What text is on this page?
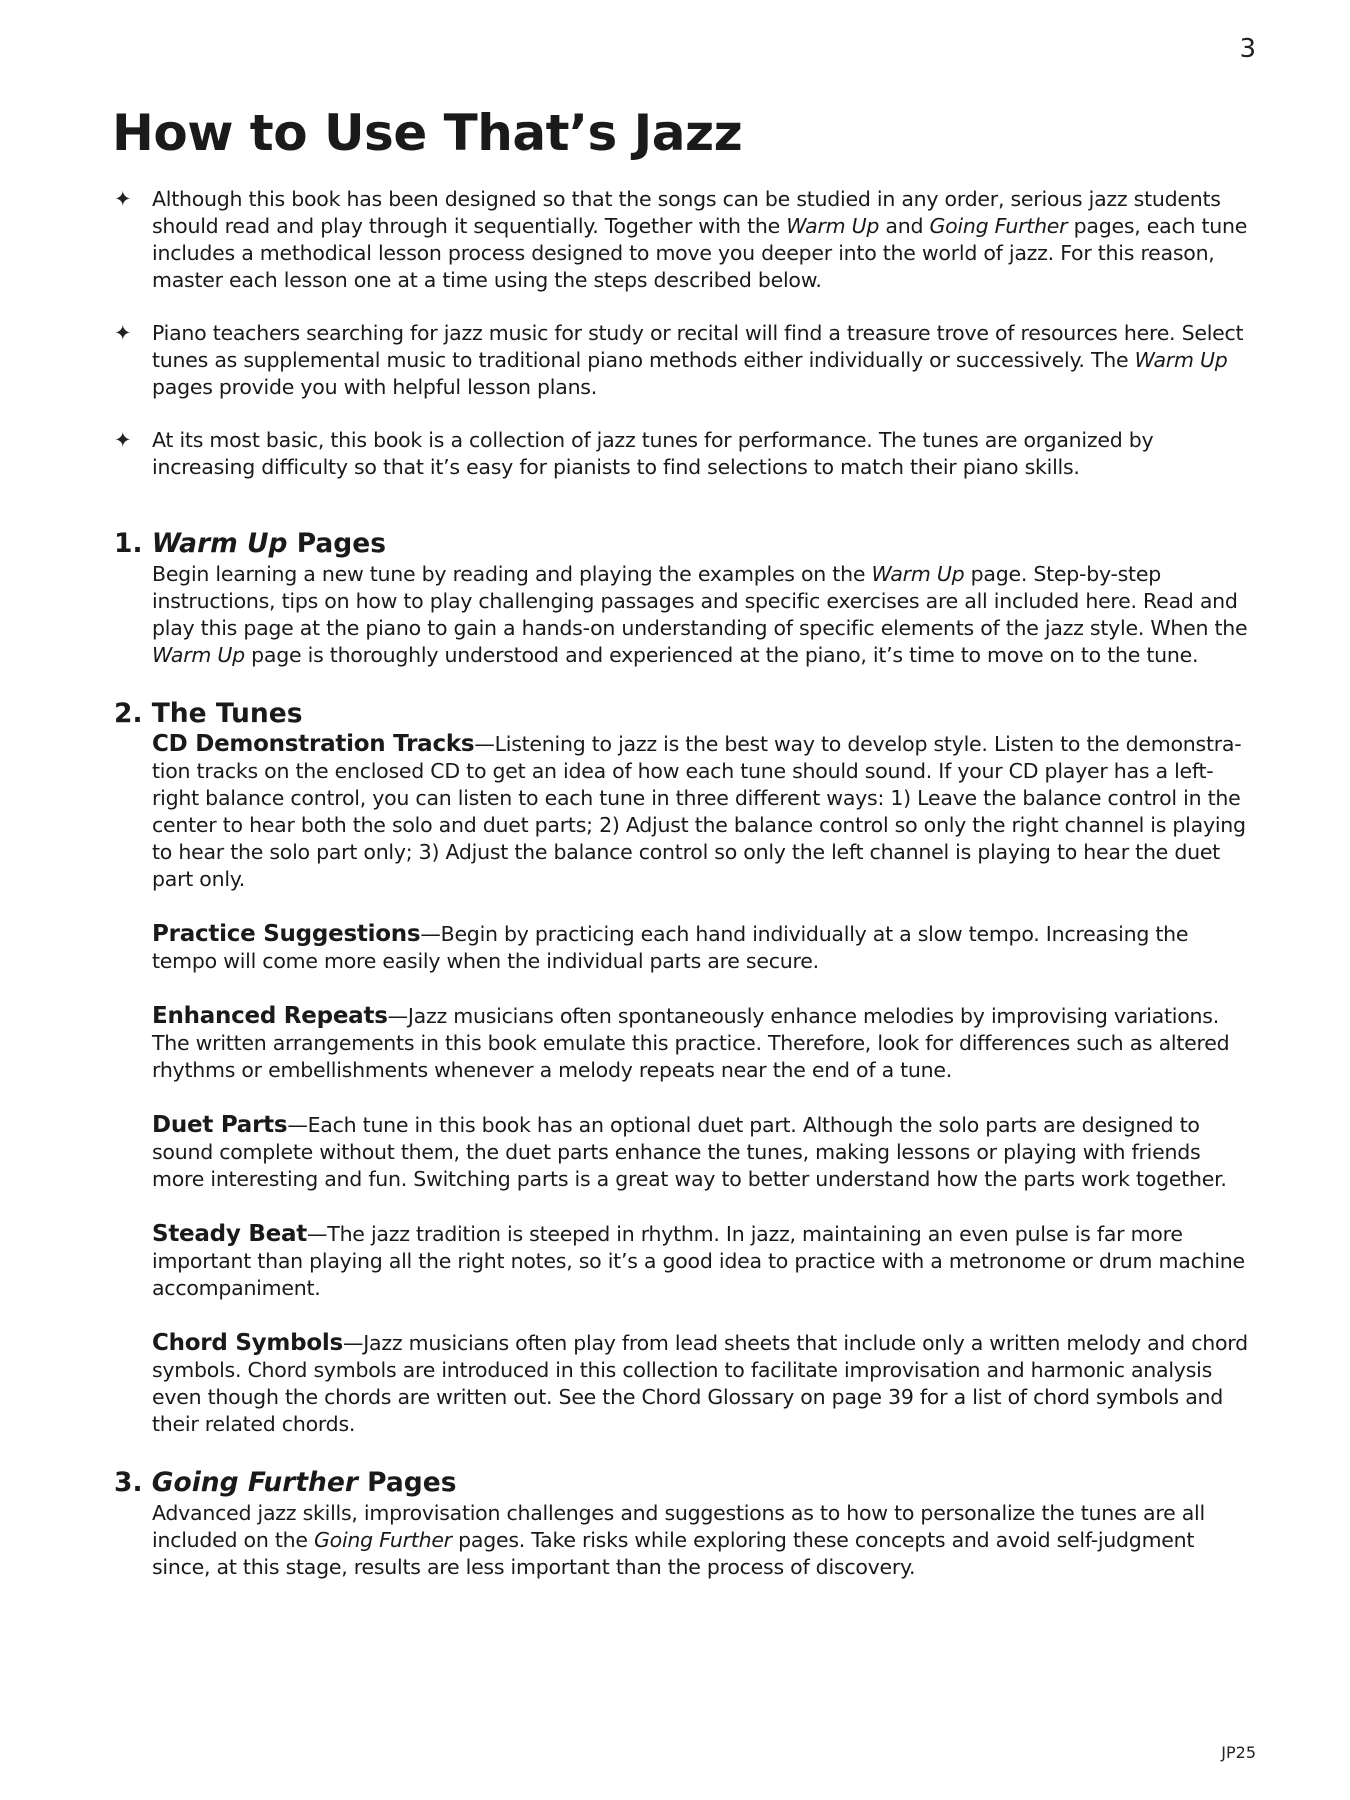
3
How to Use That’s Jazz
✦ Although this book has been designed so that the songs can be studied in any order, serious jazz students should read and play through it sequentially. Together with the Warm Up and Going Further pages, each tune includes a methodical lesson process designed to move you deeper into the world of jazz. For this reason, master each lesson one at a time using the steps described below.

✦ Piano teachers searching for jazz music for study or recital will find a treasure trove of resources here. Select tunes as supplemental music to traditional piano methods either individually or successively. The Warm Up pages provide you with helpful lesson plans.

✦ At its most basic, this book is a collection of jazz tunes for performance. The tunes are organized by increasing difficulty so that it’s easy for pianists to find selections to match their piano skills.

1. Warm Up Pages

Begin learning a new tune by reading and playing the examples on the Warm Up page. Step-by-step instructions, tips on how to play challenging passages and specific exercises are all included here. Read and play this page at the piano to gain a hands-on understanding of specific elements of the jazz style. When the Warm Up page is thoroughly understood and experienced at the piano, it’s time to move on to the tune.

2. The Tunes

CD Demonstration Tracks—Listening to jazz is the best way to develop style. Listen to the demonstra-tion tracks on the enclosed CD to get an idea of how each tune should sound. If your CD player has a left-right balance control, you can listen to each tune in three different ways: 1) Leave the balance control in the center to hear both the solo and duet parts; 2) Adjust the balance control so only the right channel is playing to hear the solo part only; 3) Adjust the balance control so only the left channel is playing to hear the duet part only.

Practice Suggestions—Begin by practicing each hand individually at a slow tempo. Increasing the tempo will come more easily when the individual parts are secure.

Enhanced Repeats—Jazz musicians often spontaneously enhance melodies by improvising variations. The written arrangements in this book emulate this practice. Therefore, look for differences such as altered rhythms or embellishments whenever a melody repeats near the end of a tune.

Duet Parts—Each tune in this book has an optional duet part. Although the solo parts are designed to sound complete without them, the duet parts enhance the tunes, making lessons or playing with friends more interesting and fun. Switching parts is a great way to better understand how the parts work together.

Steady Beat—The jazz tradition is steeped in rhythm. In jazz, maintaining an even pulse is far more important than playing all the right notes, so it’s a good idea to practice with a metronome or drum machine accompaniment.

Chord Symbols—Jazz musicians often play from lead sheets that include only a written melody and chord symbols. Chord symbols are introduced in this collection to facilitate improvisation and harmonic analysis even though the chords are written out. See the Chord Glossary on page 39 for a list of chord symbols and their related chords.

3. Going Further Pages

Advanced jazz skills, improvisation challenges and suggestions as to how to personalize the tunes are all included on the Going Further pages. Take risks while exploring these concepts and avoid self-judgment since, at this stage, results are less important than the process of discovery.

JP25
